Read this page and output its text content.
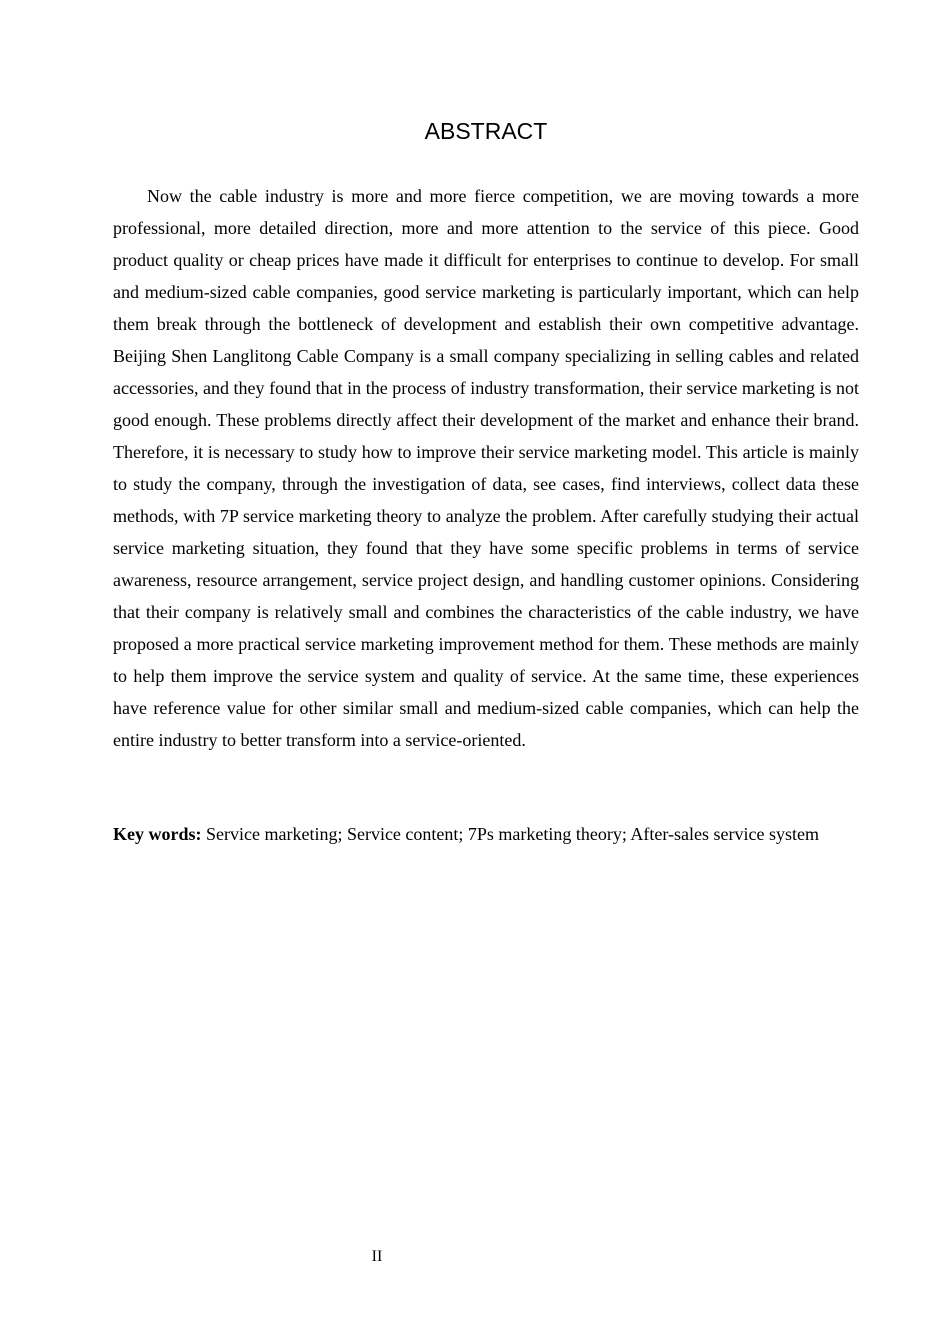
ABSTRACT

Now the cable industry is more and more fierce competition, we are moving towards a more professional, more detailed direction, more and more attention to the service of this piece. Good product quality or cheap prices have made it difficult for enterprises to continue to develop. For small and medium-sized cable companies, good service marketing is particularly important, which can help them break through the bottleneck of development and establish their own competitive advantage. Beijing Shen Langlitong Cable Company is a small company specializing in selling cables and related accessories, and they found that in the process of industry transformation, their service marketing is not good enough. These problems directly affect their development of the market and enhance their brand. Therefore, it is necessary to study how to improve their service marketing model. This article is mainly to study the company, through the investigation of data, see cases, find interviews, collect data these methods, with 7P service marketing theory to analyze the problem. After carefully studying their actual service marketing situation, they found that they have some specific problems in terms of service awareness, resource arrangement, service project design, and handling customer opinions. Considering that their company is relatively small and combines the characteristics of the cable industry, we have proposed a more practical service marketing improvement method for them. These methods are mainly to help them improve the service system and quality of service. At the same time, these experiences have reference value for other similar small and medium-sized cable companies, which can help the entire industry to better transform into a service-oriented.

Key words: Service marketing; Service content; 7Ps marketing theory; After-sales service system

II
